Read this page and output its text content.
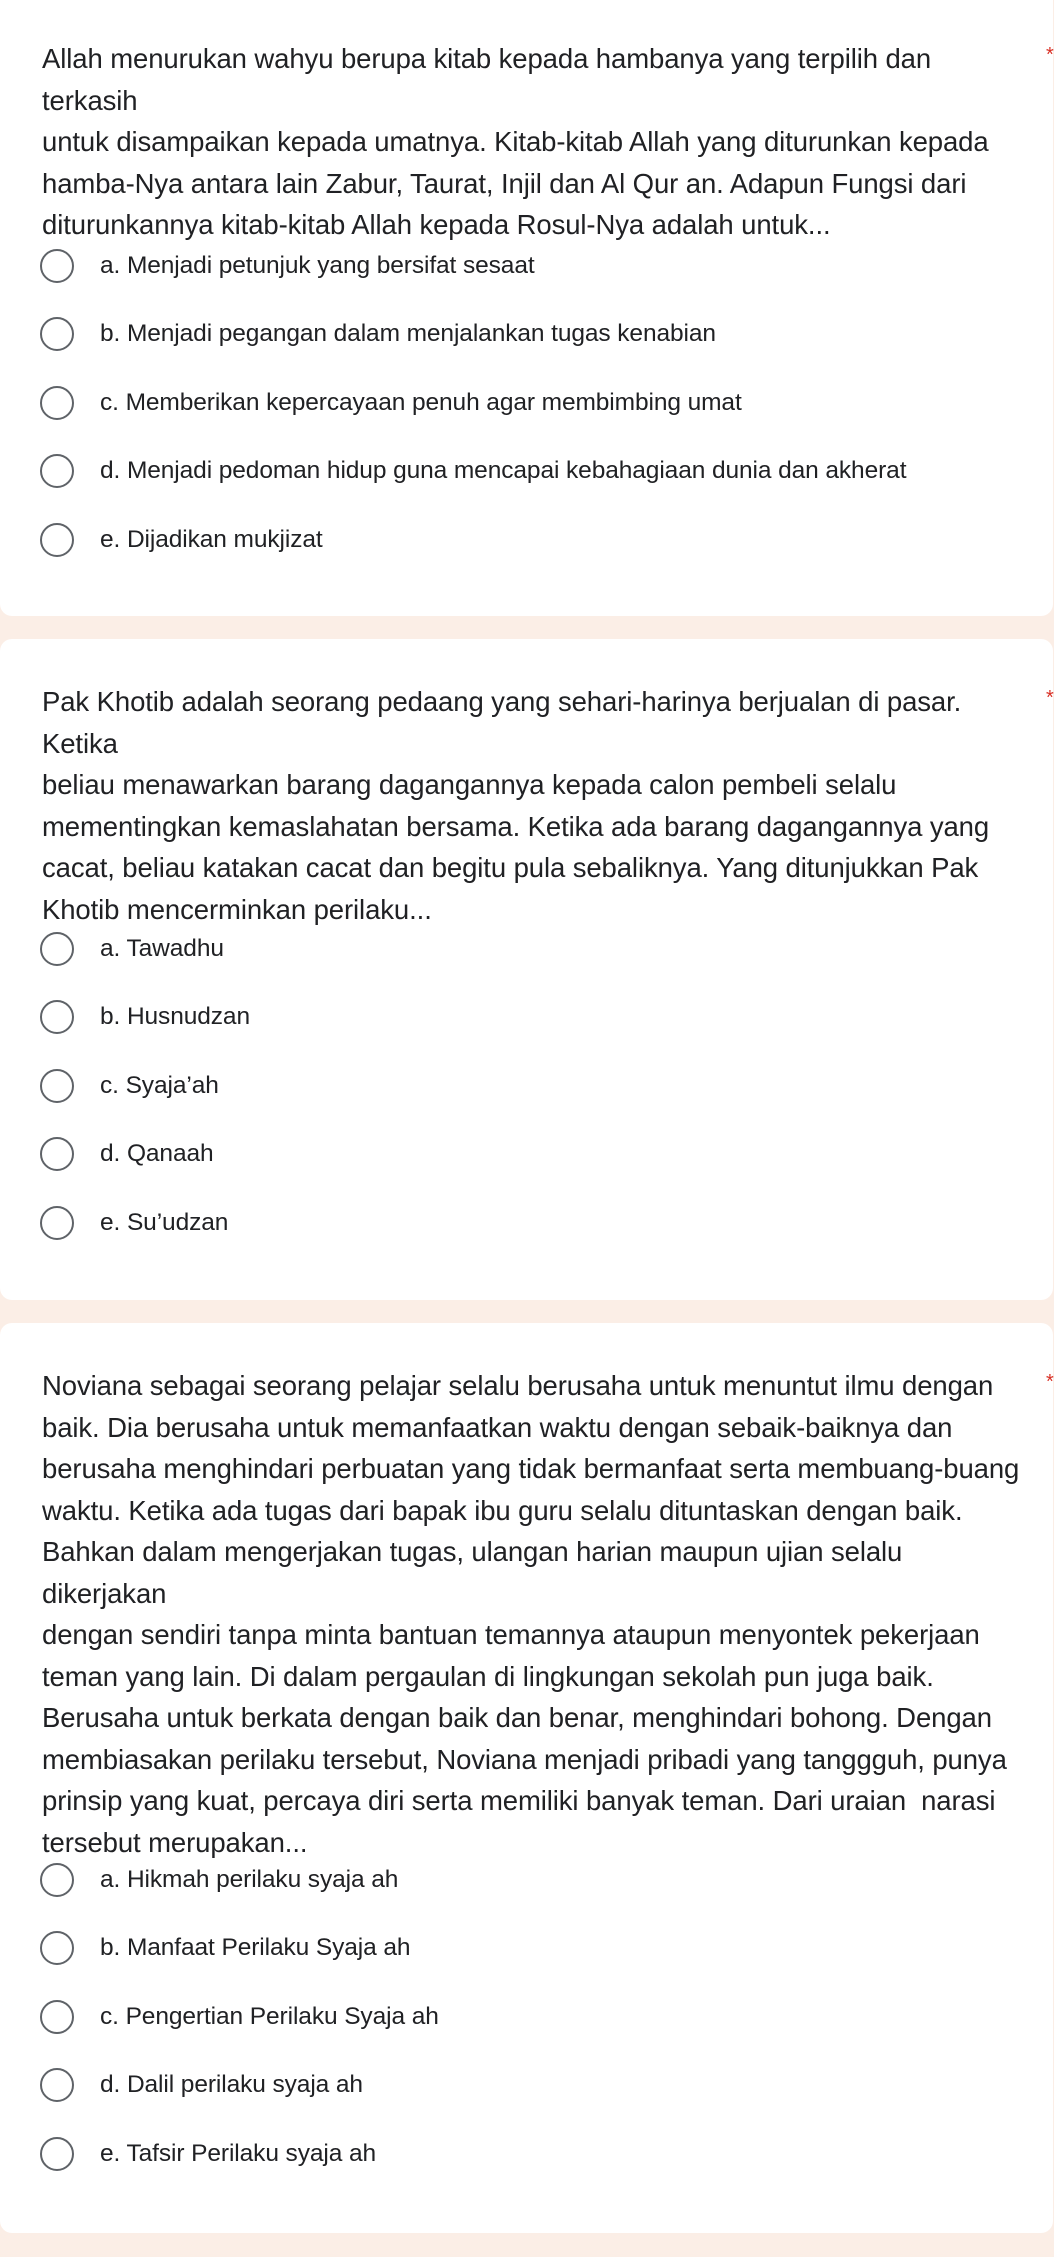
Allah menurukan wahyu berupa kitab kepada hambanya yang terpilih dan terkasih
untuk disampaikan kepada umatnya. Kitab-kitab Allah yang diturunkan kepada
hamba-Nya antara lain Zabur, Taurat, Injil dan Al Qur an. Adapun Fungsi dari
diturunkannya kitab-kitab Allah kepada Rosul-Nya adalah untuk...
*
a. Menjadi petunjuk yang bersifat sesaat
b. Menjadi pegangan dalam menjalankan tugas kenabian
c. Memberikan kepercayaan penuh agar membimbing umat
d. Menjadi pedoman hidup guna mencapai kebahagiaan dunia dan akherat
e. Dijadikan mukjizat
Pak Khotib adalah seorang pedaang yang sehari-harinya berjualan di pasar. Ketika
beliau menawarkan barang dagangannya kepada calon pembeli selalu
mementingkan kemaslahatan bersama. Ketika ada barang dagangannya yang
cacat, beliau katakan cacat dan begitu pula sebaliknya. Yang ditunjukkan Pak
Khotib mencerminkan perilaku...
*
a. Tawadhu
b. Husnudzan
c. Syaja’ah
d. Qanaah
e. Su’udzan
Noviana sebagai seorang pelajar selalu berusaha untuk menuntut ilmu dengan
baik. Dia berusaha untuk memanfaatkan waktu dengan sebaik-baiknya dan
berusaha menghindari perbuatan yang tidak bermanfaat serta membuang-buang
waktu. Ketika ada tugas dari bapak ibu guru selalu dituntaskan dengan baik.
Bahkan dalam mengerjakan tugas, ulangan harian maupun ujian selalu dikerjakan
dengan sendiri tanpa minta bantuan temannya ataupun menyontek pekerjaan
teman yang lain. Di dalam pergaulan di lingkungan sekolah pun juga baik.
Berusaha untuk berkata dengan baik dan benar, menghindari bohong. Dengan
membiasakan perilaku tersebut, Noviana menjadi pribadi yang tanggguh, punya
prinsip yang kuat, percaya diri serta memiliki banyak teman. Dari uraian  narasi
tersebut merupakan...
*
a. Hikmah perilaku syaja ah
b. Manfaat Perilaku Syaja ah
c. Pengertian Perilaku Syaja ah
d. Dalil perilaku syaja ah
e. Tafsir Perilaku syaja ah
